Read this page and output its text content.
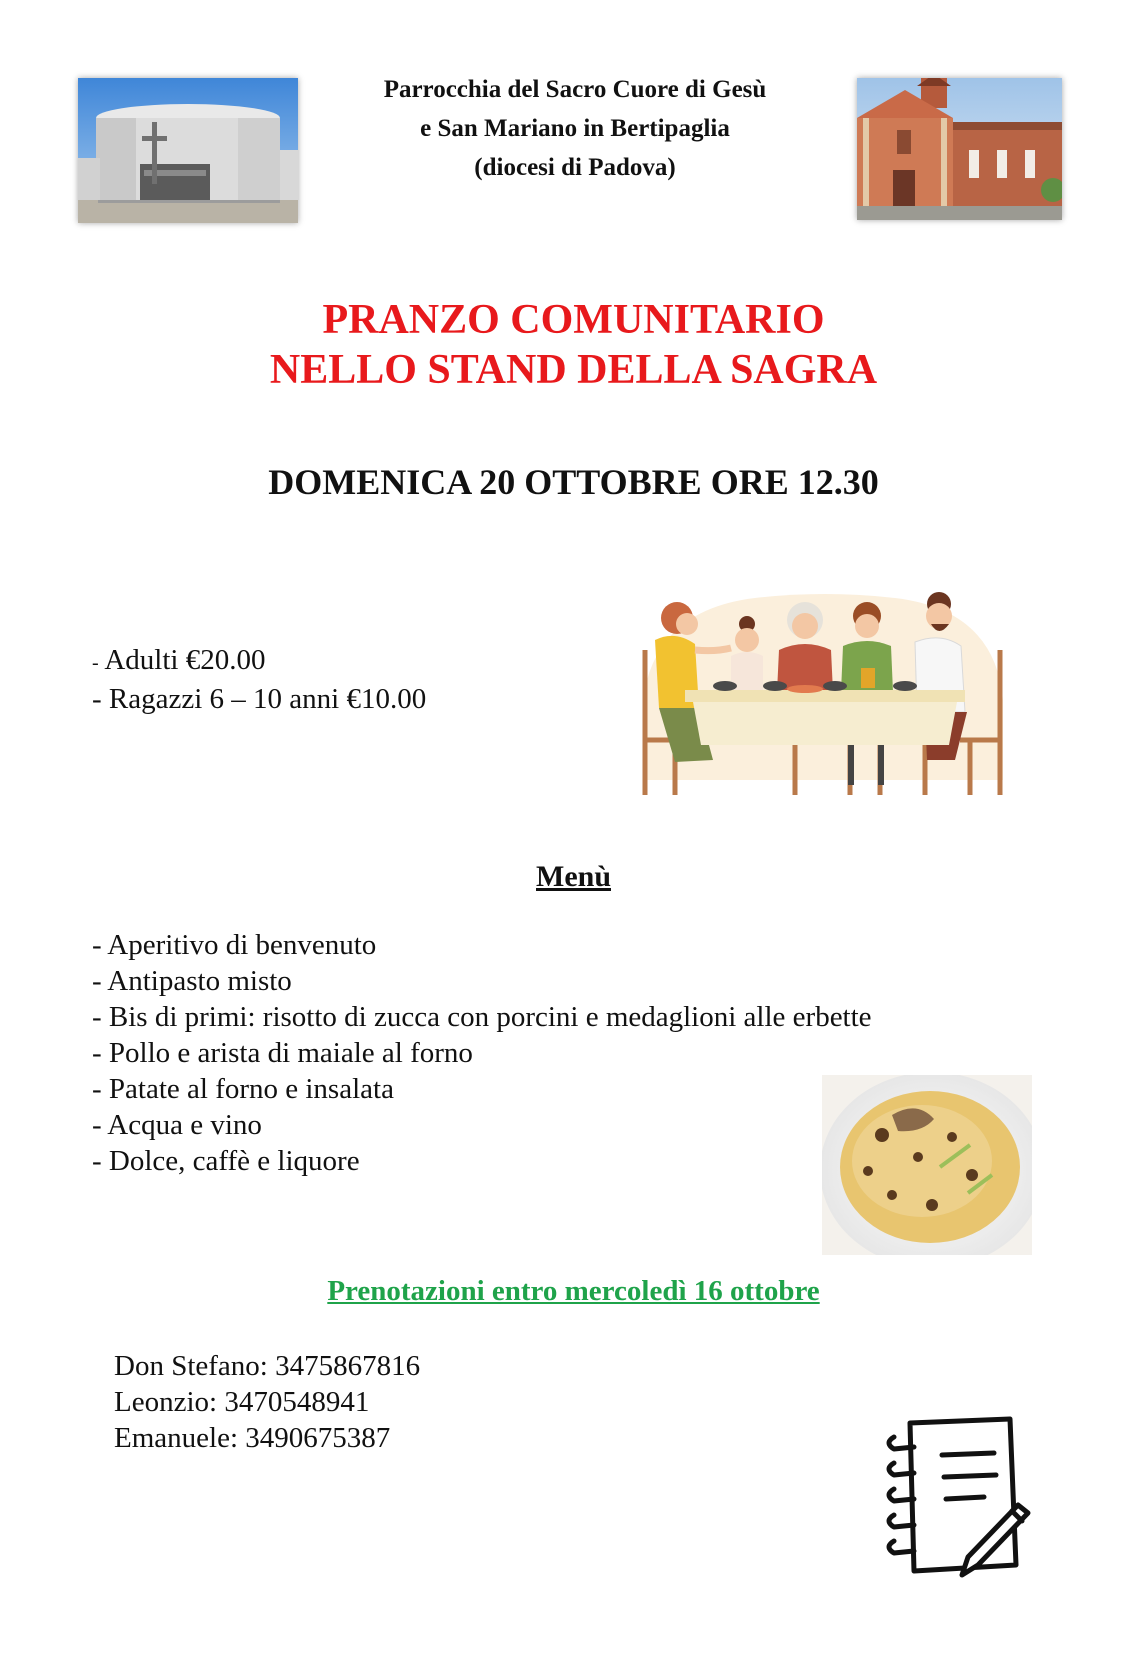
Parrocchia del Sacro Cuore di Gesù
e San Mariano in Bertipaglia
(diocesi di Padova)
PRANZO COMUNITARIO
NELLO STAND DELLA SAGRA
DOMENICA 20 OTTOBRE ORE 12.30
- Adulti €20.00
- Ragazzi 6 – 10 anni €10.00
Menù
- Aperitivo di benvenuto
- Antipasto misto
- Bis di primi: risotto di zucca con porcini e medaglioni alle erbette
- Pollo e arista di maiale al forno
- Patate al forno e insalata
- Acqua e vino
- Dolce, caffè e liquore
Prenotazioni entro mercoledì 16 ottobre
Don Stefano: 3475867816
Leonzio: 3470548941
Emanuele: 3490675387
